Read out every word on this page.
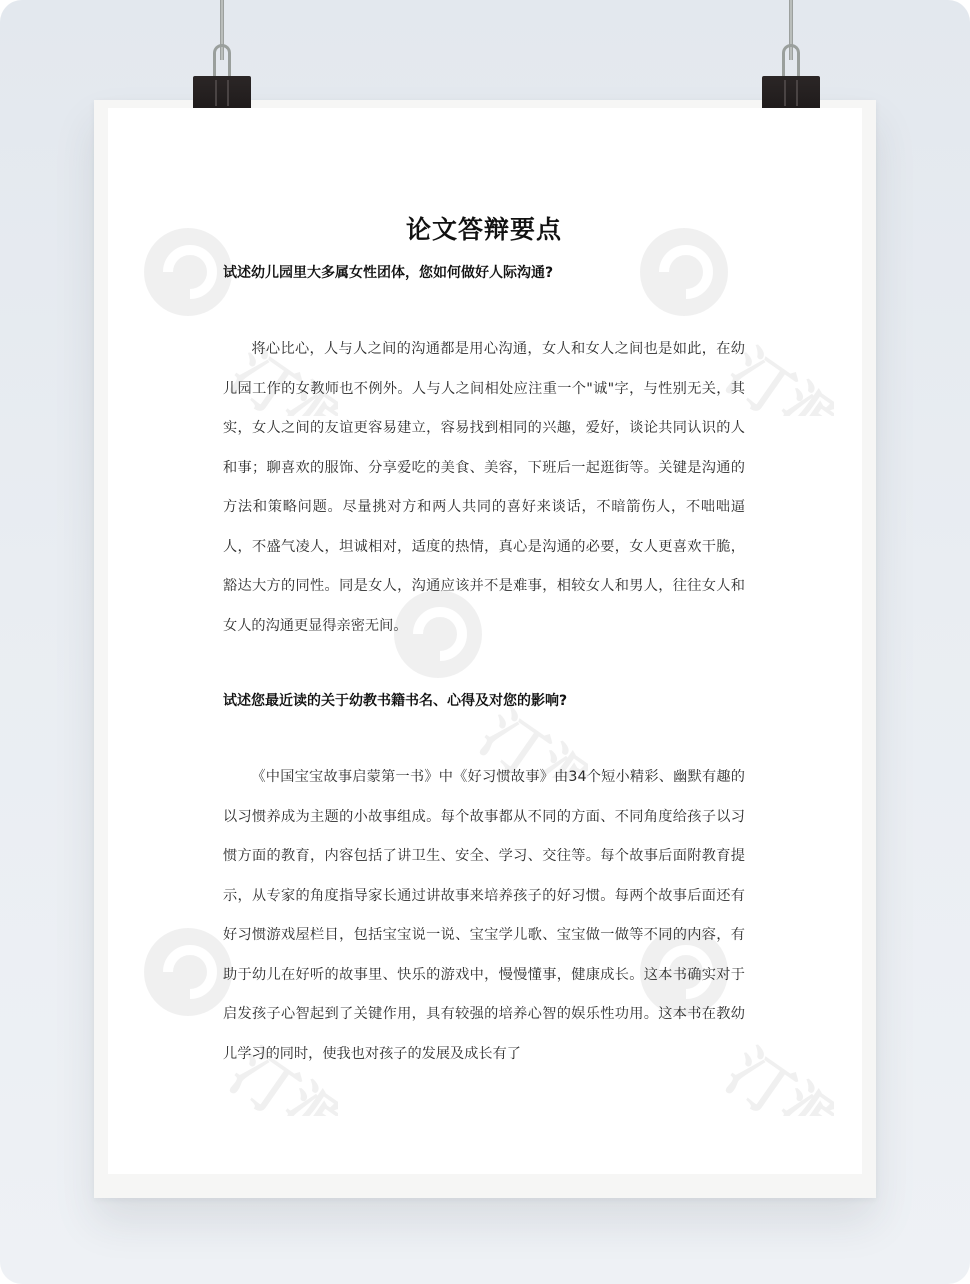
汀源	汀源
汀源
汀源	汀源
论文答辩要点

试述幼儿园里大多属女性团体，您如何做好人际沟通?

将心比心，人与人之间的沟通都是用心沟通，女人和女人之间也是如此，在幼儿园工作的女教师也不例外。人与人之间相处应注重一个"诚"字，与性别无关，其实，女人之间的友谊更容易建立，容易找到相同的兴趣，爱好，谈论共同认识的人和事；聊喜欢的服饰、分享爱吃的美食、美容，下班后一起逛街等。关键是沟通的方法和策略问题。尽量挑对方和两人共同的喜好来谈话，不暗箭伤人，不咄咄逼人，不盛气凌人，坦诚相对，适度的热情，真心是沟通的必要，女人更喜欢干脆，豁达大方的同性。同是女人，沟通应该并不是难事，相较女人和男人，往往女人和女人的沟通更显得亲密无间。

试述您最近读的关于幼教书籍书名、心得及对您的影响?

《中国宝宝故事启蒙第一书》中《好习惯故事》由34个短小精彩、幽默有趣的以习惯养成为主题的小故事组成。每个故事都从不同的方面、不同角度给孩子以习惯方面的教育，内容包括了讲卫生、安全、学习、交往等。每个故事后面附教育提示，从专家的角度指导家长通过讲故事来培养孩子的好习惯。每两个故事后面还有好习惯游戏屋栏目，包括宝宝说一说、宝宝学儿歌、宝宝做一做等不同的内容，有助于幼儿在好听的故事里、快乐的游戏中，慢慢懂事，健康成长。这本书确实对于启发孩子心智起到了关键作用，具有较强的培养心智的娱乐性功用。这本书在教幼儿学习的同时，使我也对孩子的发展及成长有了
